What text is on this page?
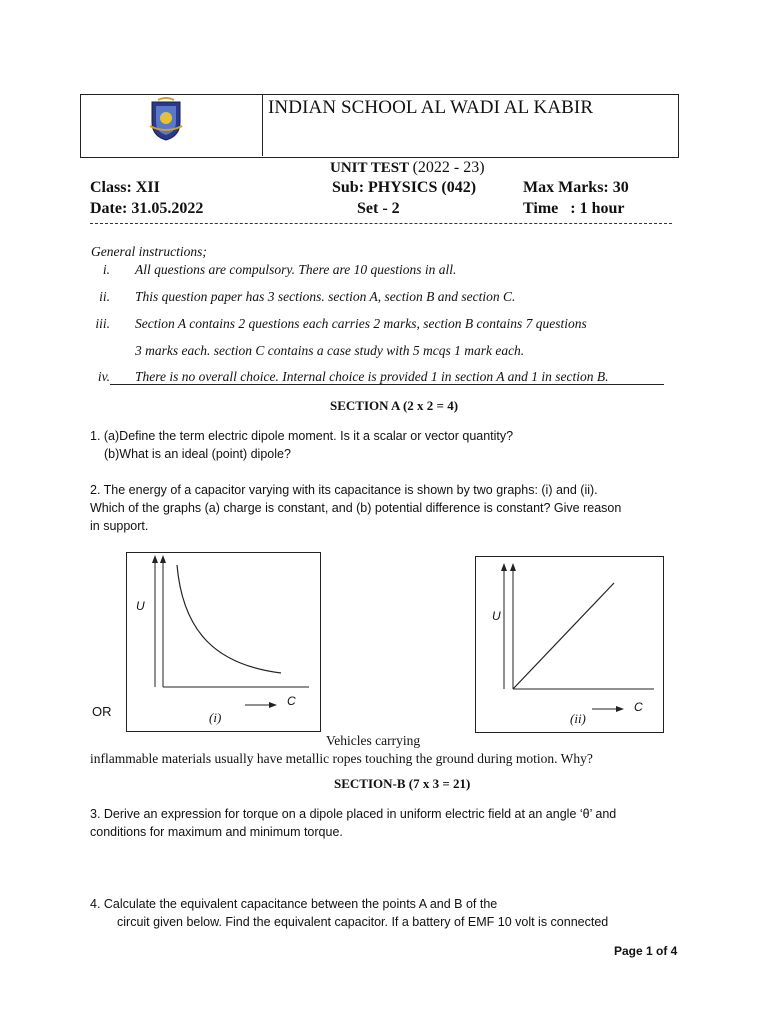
INDIAN SCHOOL AL WADI AL KABIR
UNIT TEST (2022 - 23)
Class: XII	Sub: PHYSICS (042)	Max Marks: 30
Date: 31.05.2022	Set - 2	Time   : 1 hour
General instructions;
i. All questions are compulsory. There are 10 questions in all.
ii. This question paper has 3 sections. section A, section B and section C.
iii. Section A contains 2 questions each carries 2 marks, section B contains 7 questions
3 marks each. section C contains a case study with 5 mcqs 1 mark each.
iv. There is no overall choice. Internal choice is provided 1 in section A and 1 in section B.
SECTION A (2 x 2 = 4)
1. (a)Define the term electric dipole moment. Is it a scalar or vector quantity?
(b)What is an ideal (point) dipole?
2. The energy of a capacitor varying with its capacitance is shown by two graphs: (i) and (ii).
Which of the graphs (a) charge is constant, and (b) potential difference is constant? Give reason
in support.
U
C
(i)
OR
U
C
(ii)
Vehicles carrying
inflammable materials usually have metallic ropes touching the ground during motion. Why?
SECTION-B (7 x 3 = 21)
3. Derive an expression for torque on a dipole placed in uniform electric field at an angle ‘θ’ and
conditions for maximum and minimum torque.
4. Calculate the equivalent capacitance between the points A and B of the
circuit given below. Find the equivalent capacitor. If a battery of EMF 10 volt is connected
Page 1 of 4
